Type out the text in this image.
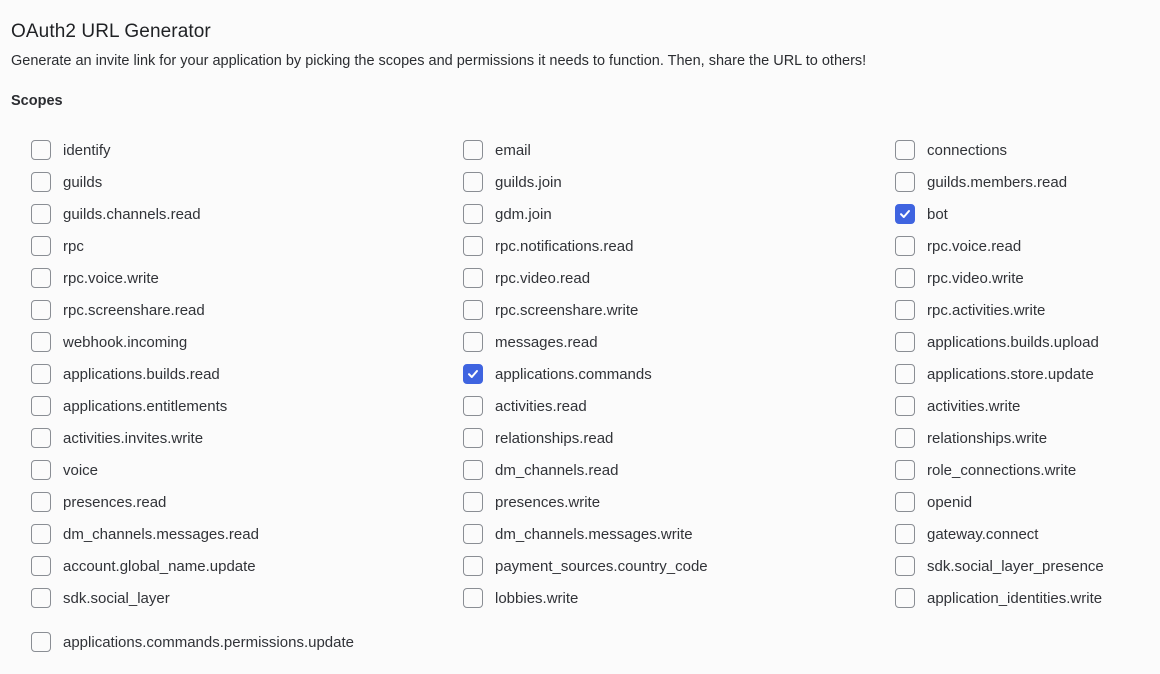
OAuth2 URL Generator

Generate an invite link for your application by picking the scopes and permissions it needs to function. Then, share the URL to others!

Scopes
identify	email	connections
guilds	guilds.join	guilds.members.read
guilds.channels.read	gdm.join	bot
rpc	rpc.notifications.read	rpc.voice.read
rpc.voice.write	rpc.video.read	rpc.video.write
rpc.screenshare.read	rpc.screenshare.write	rpc.activities.write
webhook.incoming	messages.read	applications.builds.upload
applications.builds.read	applications.commands	applications.store.update
applications.entitlements	activities.read	activities.write
activities.invites.write	relationships.read	relationships.write
voice	dm_channels.read	role_connections.write
presences.read	presences.write	openid
dm_channels.messages.read	dm_channels.messages.write	gateway.connect
account.global_name.update	payment_sources.country_code	sdk.social_layer_presence
sdk.social_layer	lobbies.write	application_identities.write
applications.commands.permissions.update
